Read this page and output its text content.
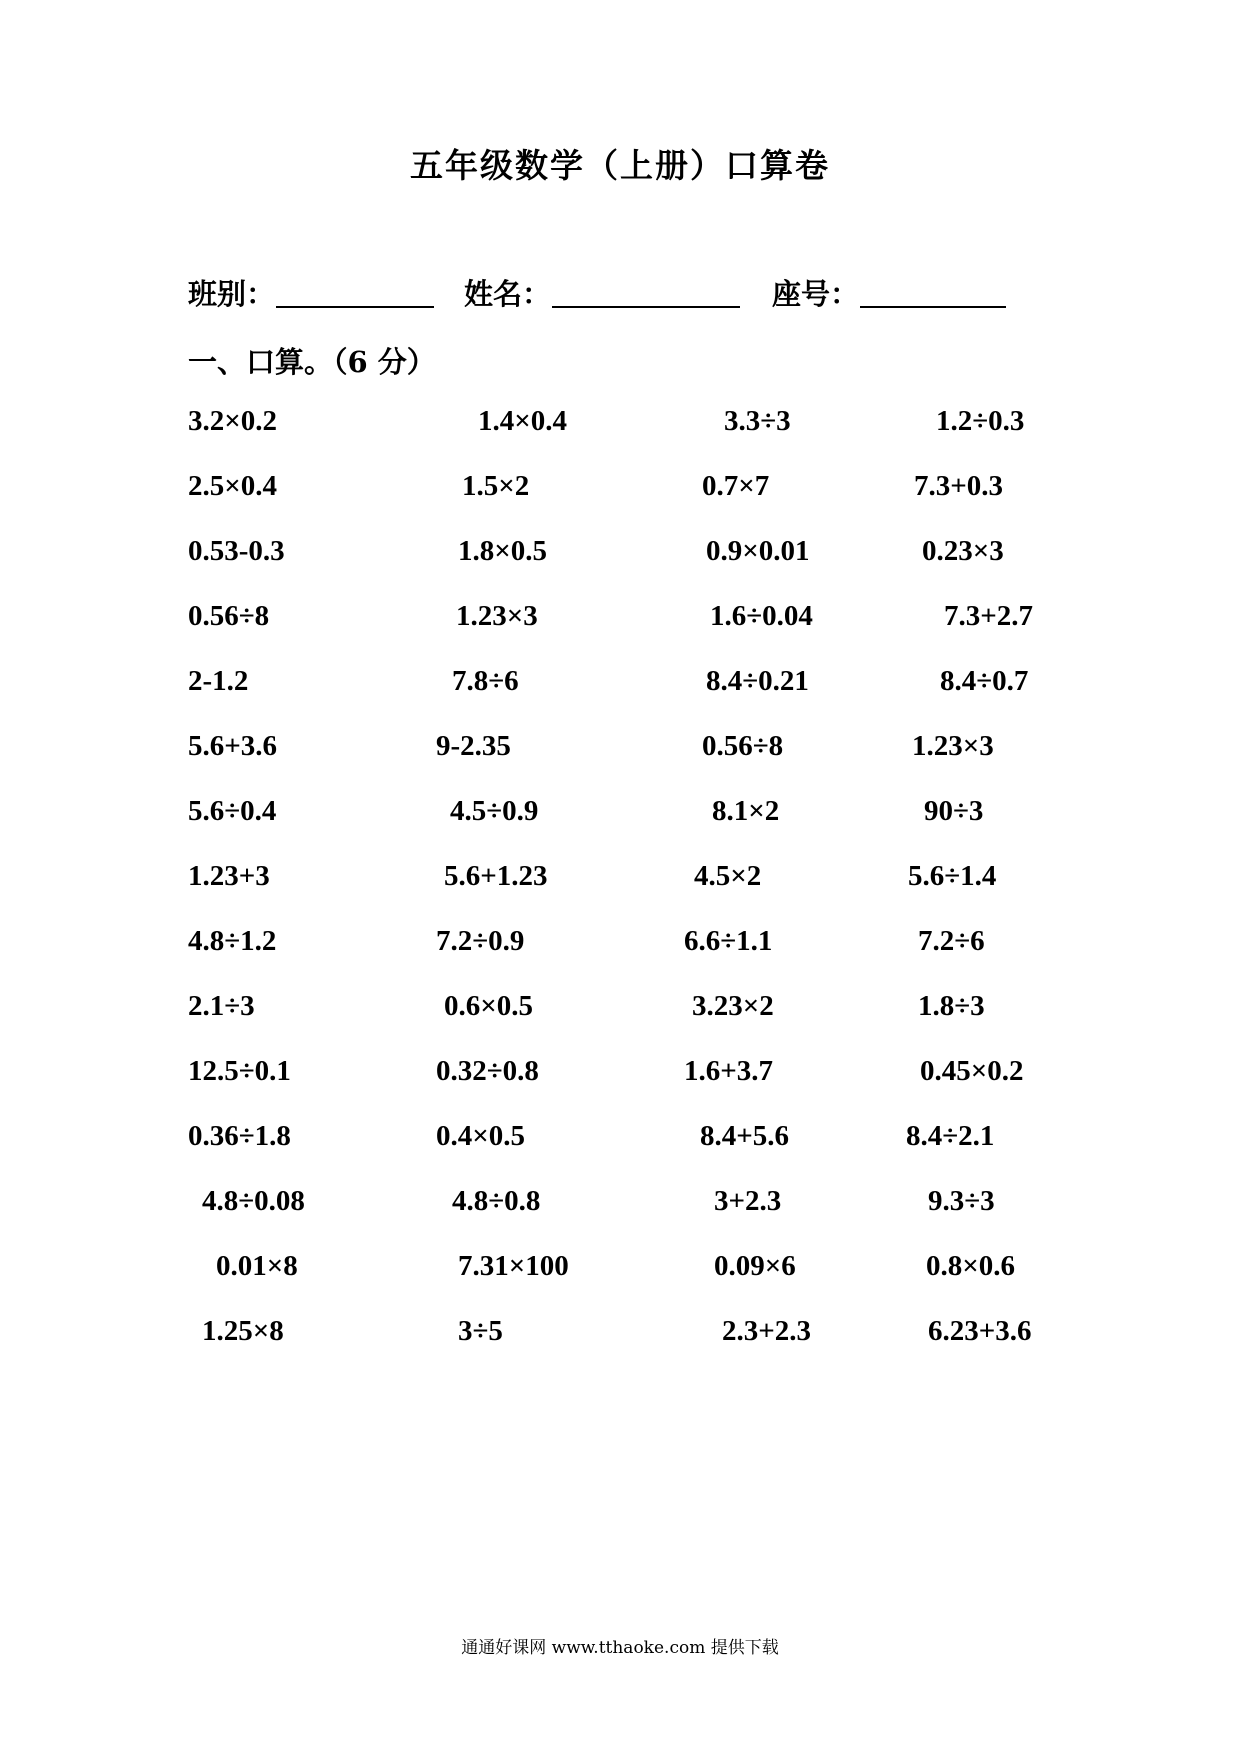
五年级数学（上册）口算卷
班别：	姓名：	座号：
一、口算。（6 分）
3.2×0.2	1.4×0.4	3.3÷3	1.2÷0.3
2.5×0.4	1.5×2	0.7×7	7.3+0.3
0.53-0.3	1.8×0.5	0.9×0.01	0.23×3
0.56÷8	1.23×3	1.6÷0.04	7.3+2.7
2-1.2	7.8÷6	8.4÷0.21	8.4÷0.7
5.6+3.6	9-2.35	0.56÷8	1.23×3
5.6÷0.4	4.5÷0.9	8.1×2	90÷3
1.23+3	5.6+1.23	4.5×2	5.6÷1.4
4.8÷1.2	7.2÷0.9	6.6÷1.1	7.2÷6
2.1÷3	0.6×0.5	3.23×2	1.8÷3
12.5÷0.1	0.32÷0.8	1.6+3.7	0.45×0.2
0.36÷1.8	0.4×0.5	8.4+5.6	8.4÷2.1
4.8÷0.08	4.8÷0.8	3+2.3	9.3÷3
0.01×8	7.31×100	0.09×6	0.8×0.6
1.25×8	3÷5	2.3+2.3	6.23+3.6
通通好课网 www.tthaoke.com 提供下载
